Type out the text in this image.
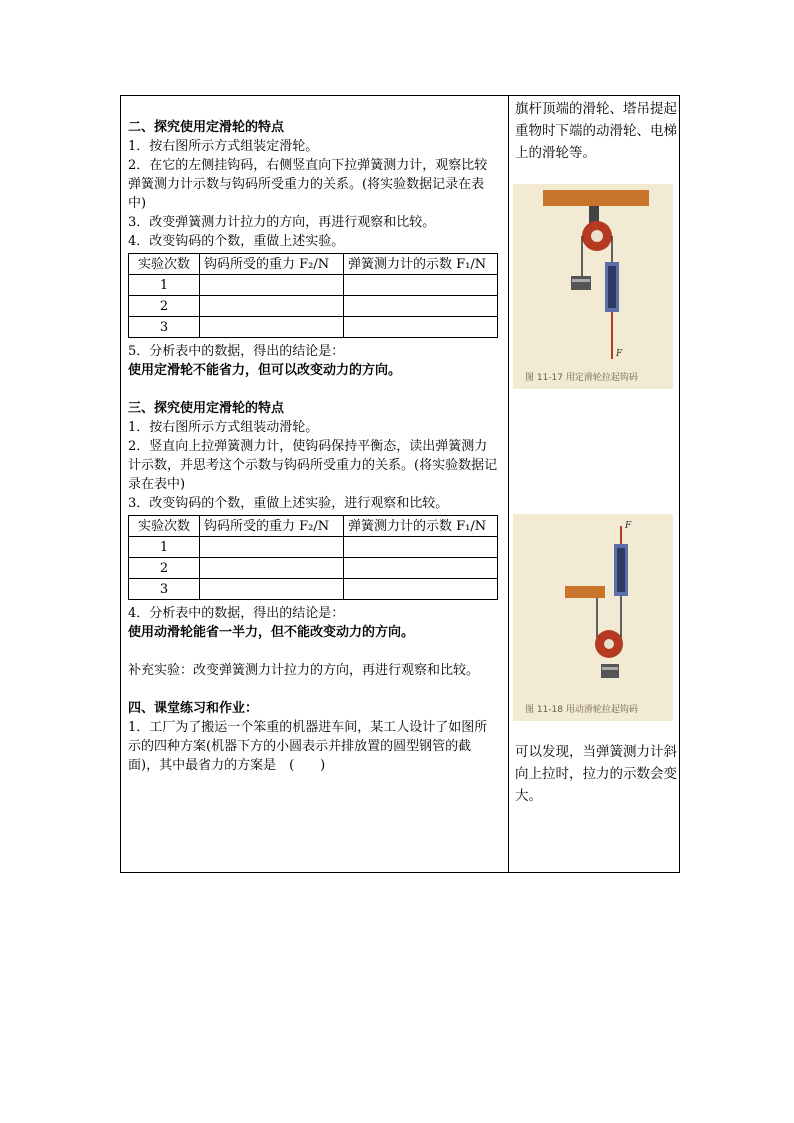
二、探究使用定滑轮的特点

1．按右图所示方式组装定滑轮。

2．在它的左侧挂钩码，右侧竖直向下拉弹簧测力计，观察比较弹簧测力计示数与钩码所受重力的关系。(将实验数据记录在表中)

3．改变弹簧测力计拉力的方向，再进行观察和比较。

4．改变钩码的个数，重做上述实验。

实验次数	钩码所受的重力 F₂/N	弹簧测力计的示数 F₁/N
1		
2		
3		

5．分析表中的数据，得出的结论是：

使用定滑轮不能省力，但可以改变动力的方向。

三、探究使用定滑轮的特点

1．按右图所示方式组装动滑轮。

2．竖直向上拉弹簧测力计，使钩码保持平衡态，读出弹簧测力计示数，并思考这个示数与钩码所受重力的关系。(将实验数据记录在表中)

3．改变钩码的个数，重做上述实验，进行观察和比较。

实验次数	钩码所受的重力 F₂/N	弹簧测力计的示数 F₁/N
1		
2		
3		

4．分析表中的数据，得出的结论是：

使用动滑轮能省一半力，但不能改变动力的方向。

补充实验：改变弹簧测力计拉力的方向，再进行观察和比较。

四、课堂练习和作业：

1．工厂为了搬运一个笨重的机器进车间，某工人设计了如图所示的四种方案(机器下方的小圆表示并排放置的圆型钢管的截面)，其中最省力的方案是　(　　)

旗杆顶端的滑轮、塔吊提起重物时下端的动滑轮、电梯上的滑轮等。
F
图 11-17 用定滑轮拉起钩码
F
图 11-18 用动滑轮拉起钩码
可以发现，当弹簧测力计斜向上拉时，拉力的示数会变大。
